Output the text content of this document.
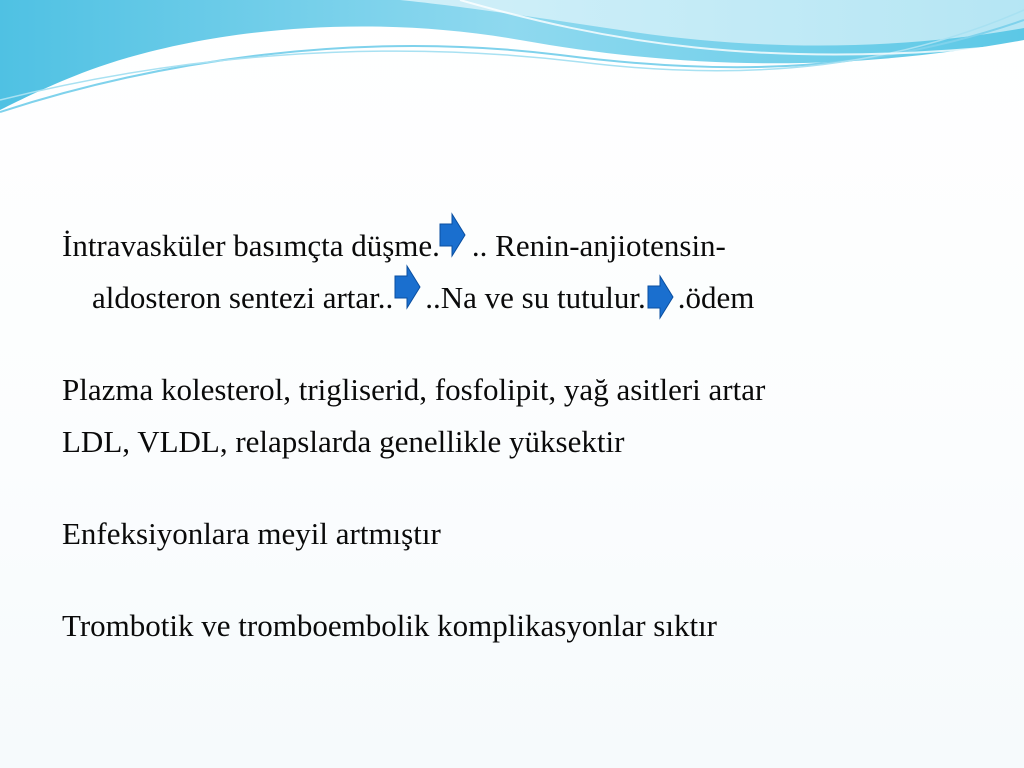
İntravasküler basımçta düşme. .. Renin-anjiotensin-
aldosteron sentezi artar.. ..Na ve su tutulur. .ödem
Plazma kolesterol, trigliserid, fosfolipit, yağ asitleri artar
LDL, VLDL, relapslarda genellikle yüksektir
Enfeksiyonlara meyil artmıştır
Trombotik ve tromboembolik komplikasyonlar sıktır
